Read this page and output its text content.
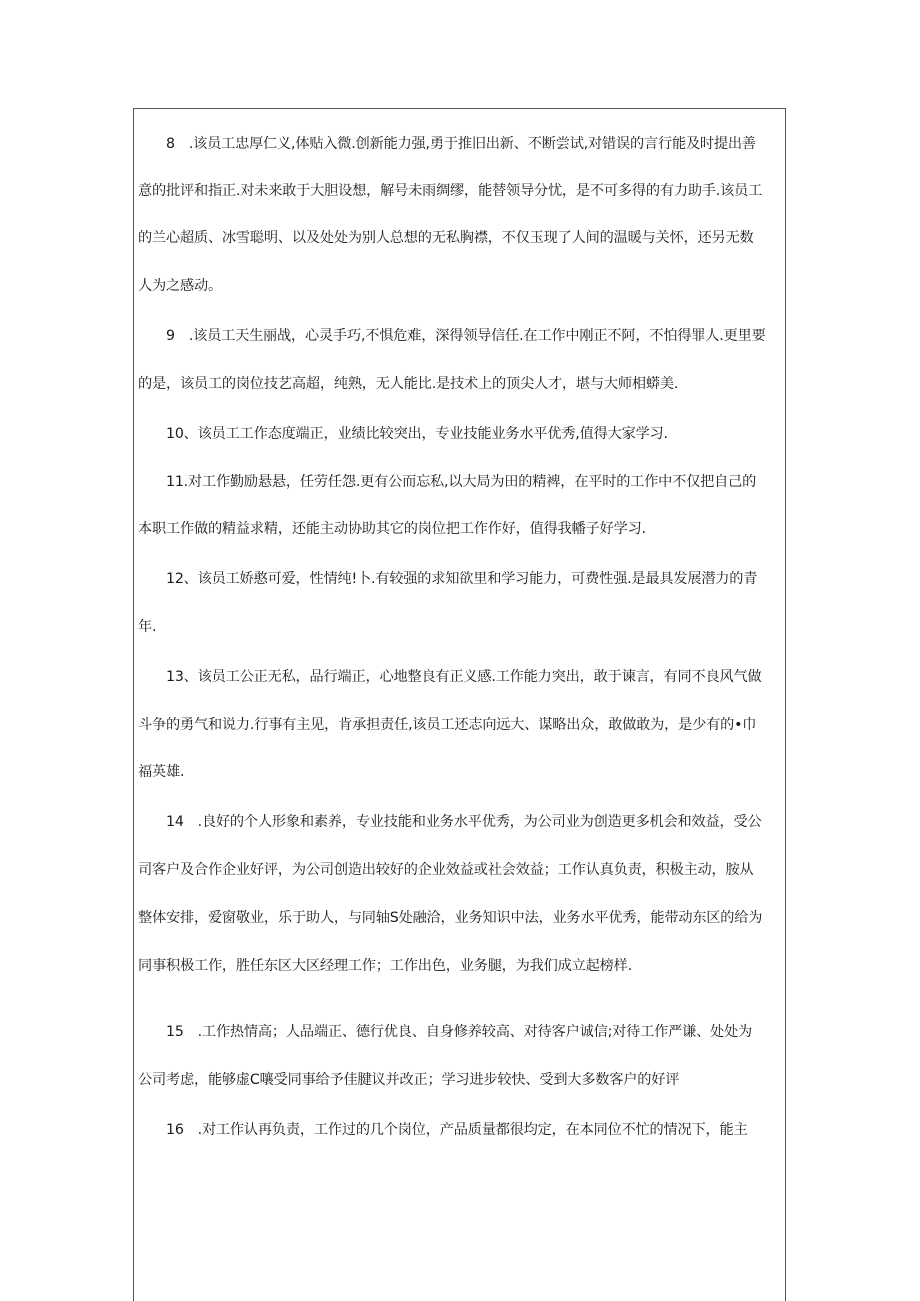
8　.该员工忠厚仁义,体贴入微.创新能力强,勇于推旧出新、不断尝试,对错误的言行能及时提出善
意的批评和指正.对未来敢于大胆设想，解号未雨绸缪，能替领导分忧，是不可多得的有力助手.该员工
的兰心超质、冰雪聪明、以及处处为别人总想的无私胸襟，不仅玉现了人间的温暖与关怀，还另无数
人为之感动。
9　.该员工天生丽战，心灵手巧,不惧危难，深得领导信任.在工作中刚正不阿，不怕得罪人.更里要
的是，该员工的岗位技艺高超，纯熟，无人能比.是技术上的顶尖人才，堪与大师相蟒美.
10、该员工工作态度端正，业绩比较突出，专业技能业务水平优秀,值得大家学习.
11.对工作勤励悬悬，任劳任怨.更有公而忘私,以大局为田的精裨，在平时的工作中不仅把自己的
本职工作做的精益求精，还能主动协助其它的岗位把工作作好，值得我幡子好学习.
12、该员工娇憨可爱，性情纯!卜.有较强的求知欲里和学习能力，可费性强.是最具发展潜力的青
年.
13、该员工公正无私，品行端正，心地整良有正义感.工作能力突出，敢于谏言，有同不良风气做
斗争的勇气和说力.行事有主见，肯承担责任,该员工还志向远大、谋略出众，敢做敢为，是少有的•巾
福英雄.
14　.良好的个人形象和素养，专业技能和业务水平优秀，为公司业为创造更多机会和效益，受公
司客户及合作企业好评，为公司创造出较好的企业效益或社会效益；工作认真负责，积极主动，胺从
整体安排，爱窗敬业，乐于助人，与同轴S处融洽，业务知识中法，业务水平优秀，能带动东区的给为
同事积极工作，胜任东区大区经理工作；工作出色，业务腿，为我们成立起榜样.
15　.工作热情高；人品端正、德行优良、自身修养较高、对待客户诚信;对待工作严谦、处处为
公司考虑，能够虚C嚷受同事给予佳腱议并改正；学习进步较快、受到大多数客户的好评
16　.对工作认再负责，工作过的几个岗位，产品质量都很均定，在本同位不忙的情况下，能主
